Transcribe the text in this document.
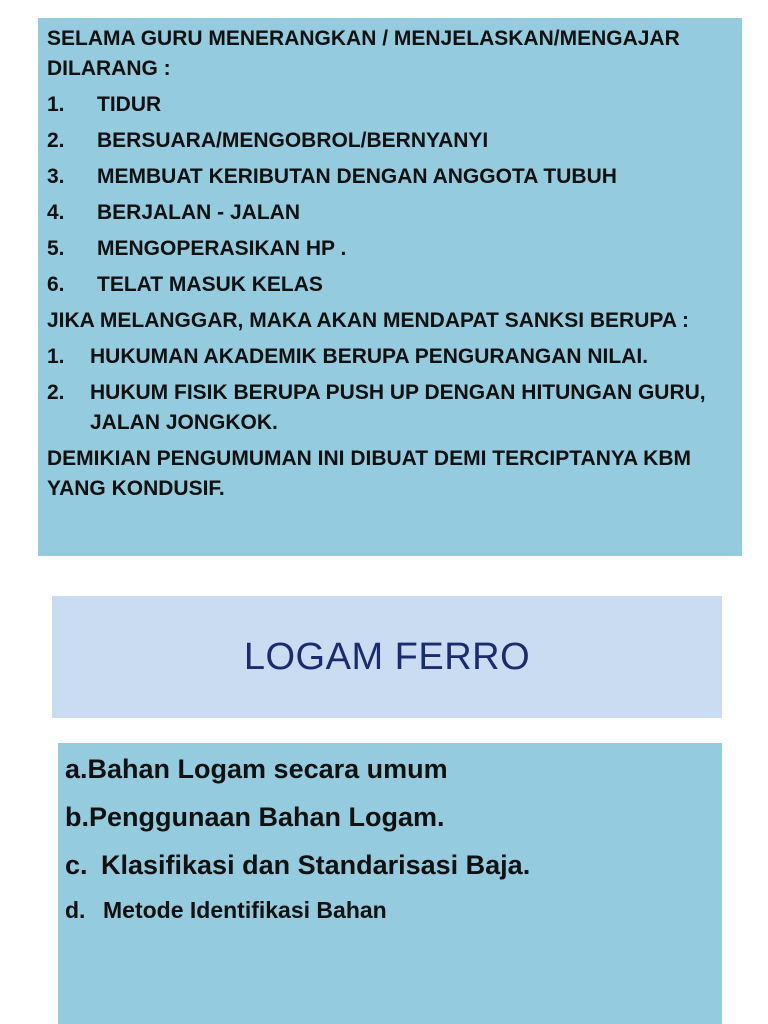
SELAMA GURU MENERANGKAN / MENJELASKAN/MENGAJAR DILARANG :

1.	TIDUR
2.	BERSUARA/MENGOBROL/BERNYANYI
3.	MEMBUAT KERIBUTAN DENGAN ANGGOTA TUBUH
4.	BERJALAN - JALAN
5.	MENGOPERASIKAN HP .
6.	TELAT MASUK KELAS

JIKA MELANGGAR, MAKA AKAN MENDAPAT SANKSI BERUPA :

1.	HUKUMAN AKADEMIK BERUPA PENGURANGAN NILAI.
2.	HUKUM FISIK BERUPA PUSH UP DENGAN HITUNGAN GURU, JALAN JONGKOK.

DEMIKIAN PENGUMUMAN INI DIBUAT DEMI TERCIPTANYA KBM YANG KONDUSIF.

LOGAM FERRO
a. Bahan Logam secara umum
b. Penggunaan Bahan Logam.
c. Klasifikasi dan Standarisasi Baja.
d. Metode Identifikasi Bahan
